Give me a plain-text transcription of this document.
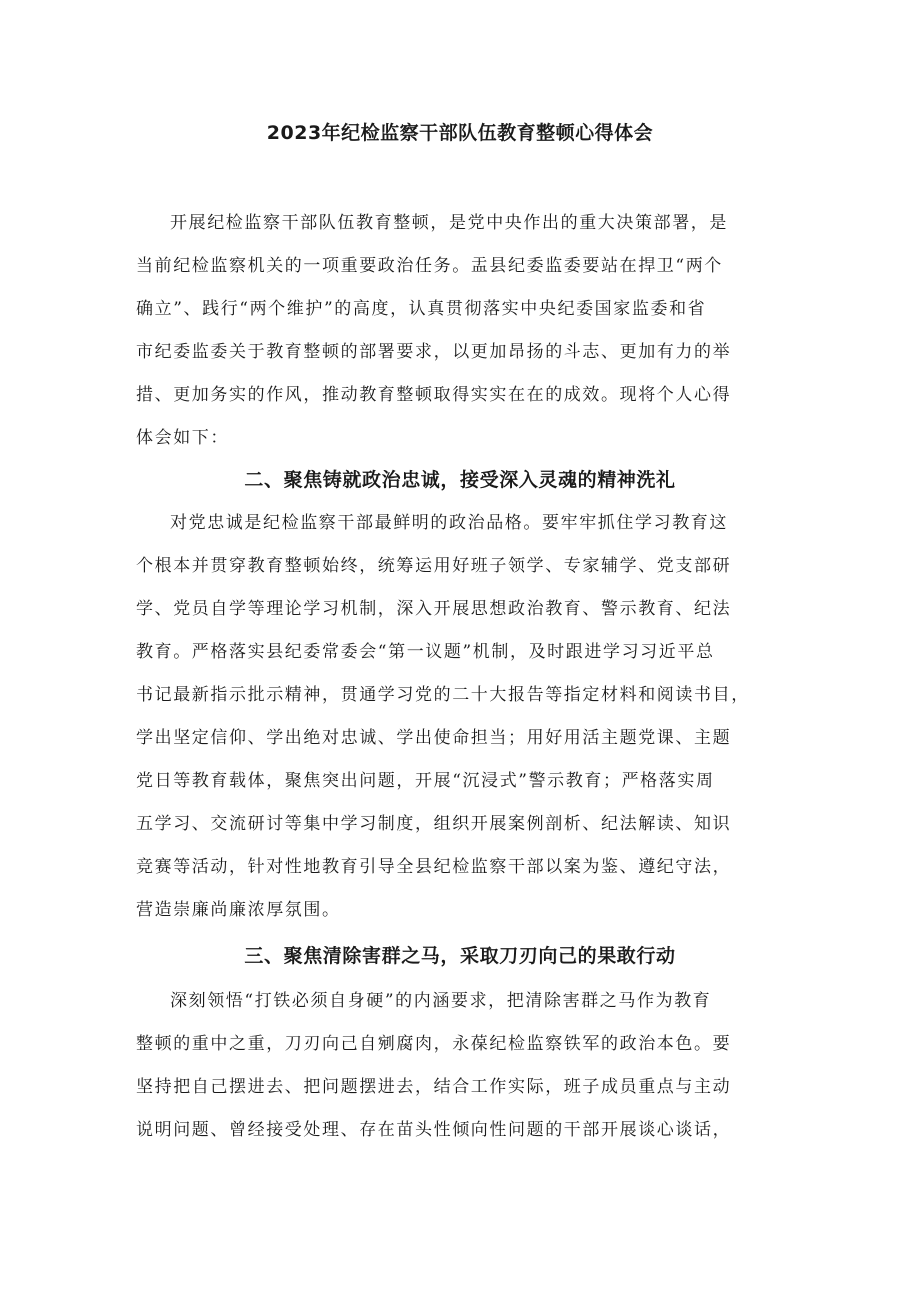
2023年纪检监察干部队伍教育整顿心得体会
开展纪检监察干部队伍教育整顿，是党中央作出的重大决策部署，是
当前纪检监察机关的一项重要政治任务。盂县纪委监委要站在捍卫“两个
确立”、践行“两个维护”的高度，认真贯彻落实中央纪委国家监委和省
市纪委监委关于教育整顿的部署要求，以更加昂扬的斗志、更加有力的举
措、更加务实的作风，推动教育整顿取得实实在在的成效。现将个人心得
体会如下：
二、聚焦铸就政治忠诚，接受深入灵魂的精神洗礼
对党忠诚是纪检监察干部最鲜明的政治品格。要牢牢抓住学习教育这
个根本并贯穿教育整顿始终，统筹运用好班子领学、专家辅学、党支部研
学、党员自学等理论学习机制，深入开展思想政治教育、警示教育、纪法
教育。严格落实县纪委常委会“第一议题”机制，及时跟进学习习近平总
书记最新指示批示精神，贯通学习党的二十大报告等指定材料和阅读书目，
学出坚定信仰、学出绝对忠诚、学出使命担当；用好用活主题党课、主题
党日等教育载体，聚焦突出问题，开展“沉浸式”警示教育；严格落实周
五学习、交流研讨等集中学习制度，组织开展案例剖析、纪法解读、知识
竞赛等活动，针对性地教育引导全县纪检监察干部以案为鉴、遵纪守法，
营造崇廉尚廉浓厚氛围。
三、聚焦清除害群之马，采取刀刃向己的果敢行动
深刻领悟“打铁必须自身硬”的内涵要求，把清除害群之马作为教育
整顿的重中之重，刀刃向己自剜腐肉，永葆纪检监察铁军的政治本色。要
坚持把自己摆进去、把问题摆进去，结合工作实际，班子成员重点与主动
说明问题、曾经接受处理、存在苗头性倾向性问题的干部开展谈心谈话，
